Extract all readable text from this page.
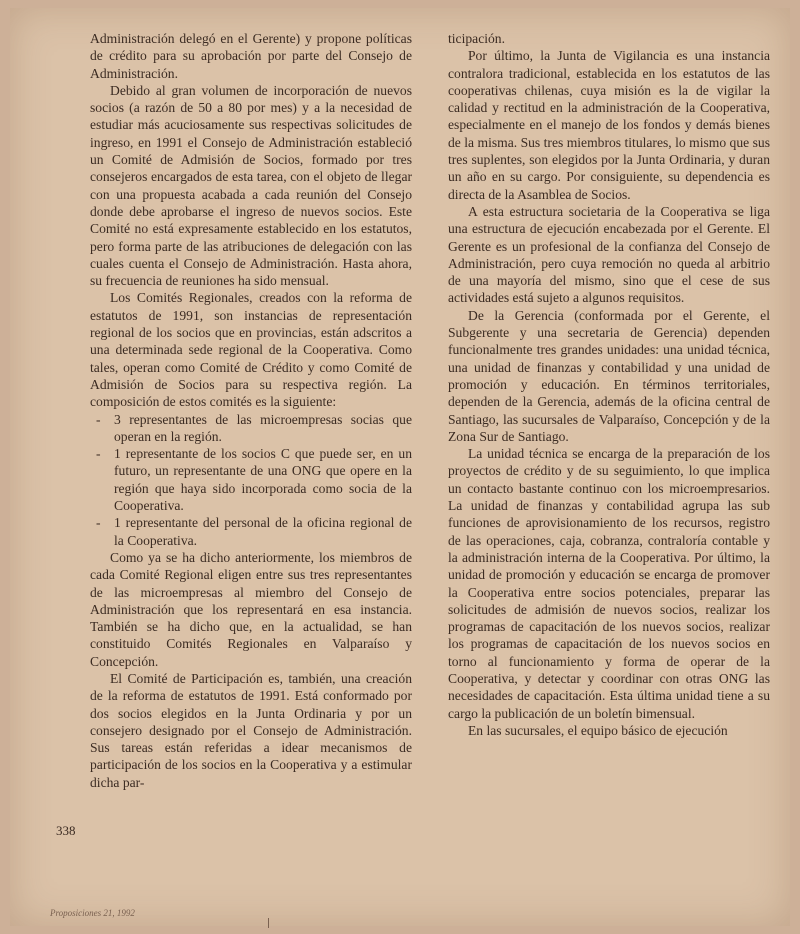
Administración delegó en el Gerente) y propone políticas de crédito para su aprobación por parte del Consejo de Administración.

Debido al gran volumen de incorporación de nuevos socios (a razón de 50 a 80 por mes) y a la necesidad de estudiar más acuciosamente sus respectivas solicitudes de ingreso, en 1991 el Consejo de Administración estableció un Comité de Admisión de Socios, formado por tres consejeros encargados de esta tarea, con el objeto de llegar con una propuesta acabada a cada reunión del Consejo donde debe aprobarse el ingreso de nuevos socios. Este Comité no está expresamente establecido en los estatutos, pero forma parte de las atribuciones de delegación con las cuales cuenta el Consejo de Administración. Hasta ahora, su frecuencia de reuniones ha sido mensual.

Los Comités Regionales, creados con la reforma de estatutos de 1991, son instancias de representación regional de los socios que en provincias, están adscritos a una determinada sede regional de la Cooperativa. Como tales, operan como Comité de Crédito y como Comité de Admisión de Socios para su respectiva región. La composición de estos comités es la siguiente:

- 3 representantes de las microempresas socias que operan en la región.
- 1 representante de los socios C que puede ser, en un futuro, un representante de una ONG que opere en la región que haya sido incorporada como socia de la Cooperativa.
- 1 representante del personal de la oficina regional de la Cooperativa.

Como ya se ha dicho anteriormente, los miembros de cada Comité Regional eligen entre sus tres representantes de las microempresas al miembro del Consejo de Administración que los representará en esa instancia. También se ha dicho que, en la actualidad, se han constituido Comités Regionales en Valparaíso y Concepción.

El Comité de Participación es, también, una creación de la reforma de estatutos de 1991. Está conformado por dos socios elegidos en la Junta Ordinaria y por un consejero designado por el Consejo de Administración. Sus tareas están referidas a idear mecanismos de participación de los socios en la Cooperativa y a estimular dicha par-

ticipación.

Por último, la Junta de Vigilancia es una instancia contralora tradicional, establecida en los estatutos de las cooperativas chilenas, cuya misión es la de vigilar la calidad y rectitud en la administración de la Cooperativa, especialmente en el manejo de los fondos y demás bienes de la misma. Sus tres miembros titulares, lo mismo que sus tres suplentes, son elegidos por la Junta Ordinaria, y duran un año en su cargo. Por consiguiente, su dependencia es directa de la Asamblea de Socios.

A esta estructura societaria de la Cooperativa se liga una estructura de ejecución encabezada por el Gerente. El Gerente es un profesional de la confianza del Consejo de Administración, pero cuya remoción no queda al arbitrio de una mayoría del mismo, sino que el cese de sus actividades está sujeto a algunos requisitos.

De la Gerencia (conformada por el Gerente, el Subgerente y una secretaria de Gerencia) dependen funcionalmente tres grandes unidades: una unidad técnica, una unidad de finanzas y contabilidad y una unidad de promoción y educación. En términos territoriales, dependen de la Gerencia, además de la oficina central de Santiago, las sucursales de Valparaíso, Concepción y de la Zona Sur de Santiago.

La unidad técnica se encarga de la preparación de los proyectos de crédito y de su seguimiento, lo que implica un contacto bastante continuo con los microempresarios. La unidad de finanzas y contabilidad agrupa las sub funciones de aprovisionamiento de los recursos, registro de las operaciones, caja, cobranza, contraloría contable y la administración interna de la Cooperativa. Por último, la unidad de promoción y educación se encarga de promover la Cooperativa entre socios potenciales, preparar las solicitudes de admisión de nuevos socios, realizar los programas de capacitación de los nuevos socios, realizar los programas de capacitación de los nuevos socios en torno al funcionamiento y forma de operar de la Cooperativa, y detectar y coordinar con otras ONG las necesidades de capacitación. Esta última unidad tiene a su cargo la publicación de un boletín bimensual.

En las sucursales, el equipo básico de ejecución

338
Proposiciones 21, 1992
